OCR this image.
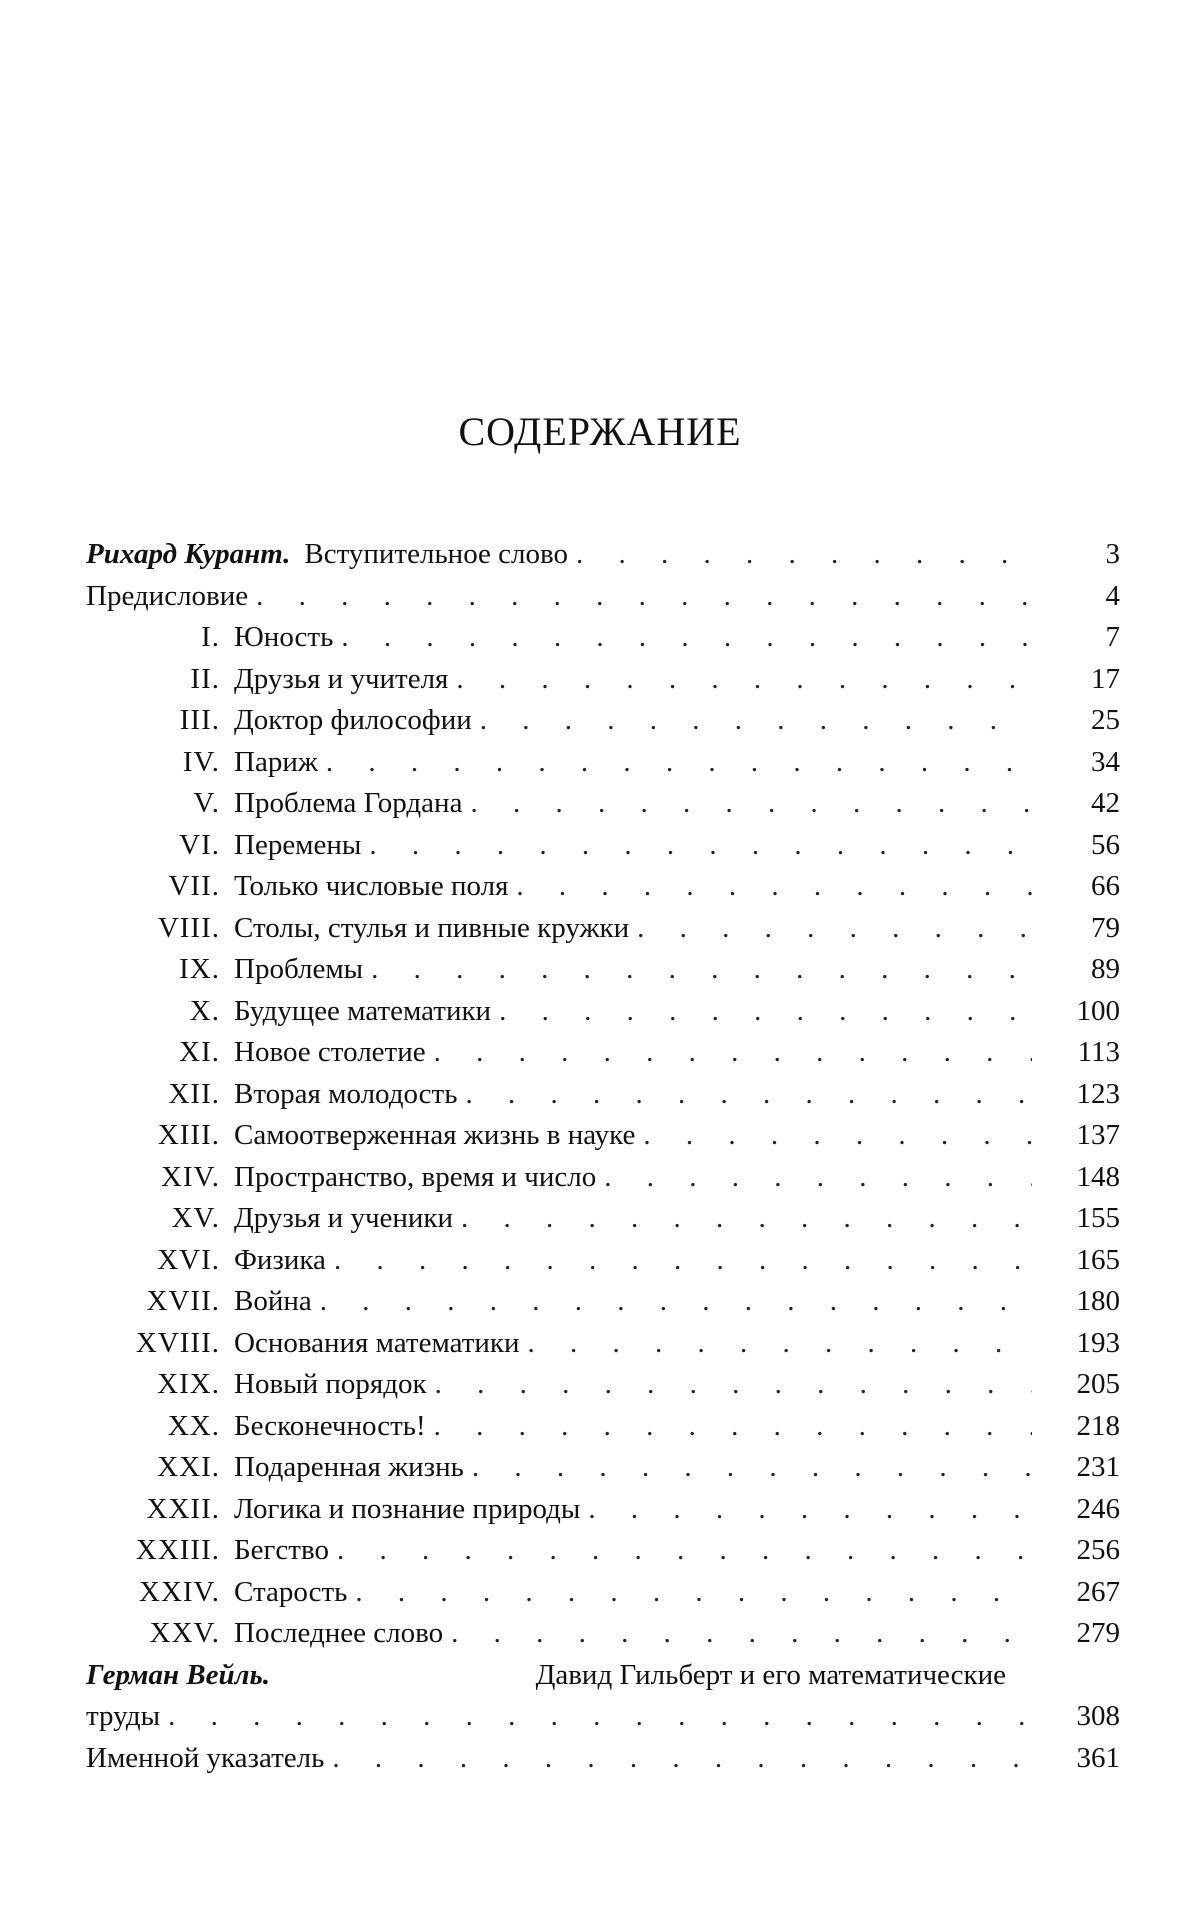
СОДЕРЖАНИЕ
Рихард Курант. Вступительное слово . . .	3
Предисловие . . .	4
I. Юность . . .	7
II. Друзья и учителя . . .	17
III. Доктор философии . . .	25
IV. Париж . . .	34
V. Проблема Гордана . . .	42
VI. Перемены . . .	56
VII. Только числовые поля . . .	66
VIII. Столы, стулья и пивные кружки . . .	79
IX. Проблемы . . .	89
X. Будущее математики . . .	100
XI. Новое столетие . . .	113
XII. Вторая молодость . . .	123
XIII. Самоотверженная жизнь в науке . . .	137
XIV. Пространство, время и число . . .	148
XV. Друзья и ученики . . .	155
XVI. Физика . . .	165
XVII. Война . . .	180
XVIII. Основания математики . . .	193
XIX. Новый порядок . . .	205
XX. Бесконечность! . . .	218
XXI. Подаренная жизнь . . .	231
XXII. Логика и познание природы . . .	246
XXIII. Бегство . . .	256
XXIV. Старость . . .	267
XXV. Последнее слово . . .	279
Герман Вейль.	Давид Гильберт и его математические
труды . . .	308
Именной указатель . . .	361
